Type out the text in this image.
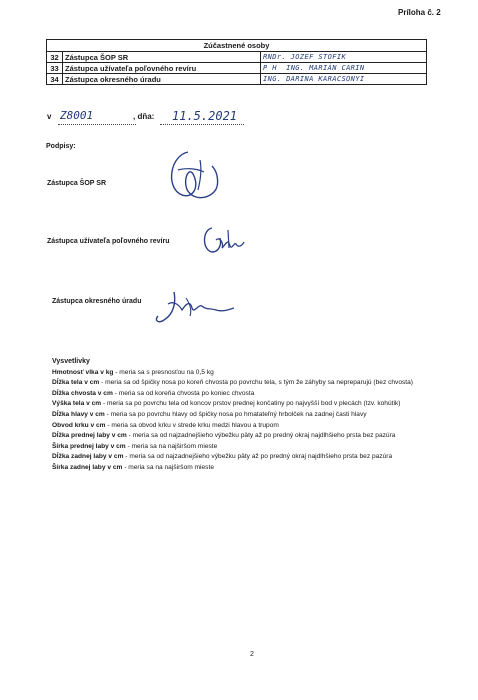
Príloha č. 2
Zúčastnené osoby		
32	Zástupca ŠOP SR	RNDr. JOZEF STOFIK
33	Zástupca užívateľa poľovného revíru	P H ING. MARIÁN CARIN
34	Zástupca okresného úradu	ING. DARINA KARACSONYI
v Z8001	, dňa: 11.5.2021
Podpisy:
Zástupca ŠOP SR
Zástupca užívateľa poľovného revíru
Zástupca okresného úradu

Vysvetlivky

Hmotnosť vlka v kg - meria sa s presnosťou na 0,5 kg

Dĺžka tela v cm - meria sa od špičky nosa po koreň chvosta po povrchu tela, s tým že záhyby sa nepreparujú (bez chvosta)

Dĺžka chvosta v cm - meria sa od koreňa chvosta po koniec chvosta

Výška tela v cm - meria sa po povrchu tela od koncov prstov prednej končatiny po najvyšší bod v plecách (tzv. kohútik)

Dĺžka hlavy v cm - meria sa po povrchu hlavy od špičky nosa po hmatateľný hrbolček na zadnej časti hlavy

Obvod krku v cm - meria sa obvod krku v strede krku medzi hlavou a trupom

Dĺžka prednej laby v cm - meria sa od najzadnejšieho výbežku päty až po predný okraj najdlhšieho prsta bez pazúra

Šírka prednej laby v cm - meria sa na najširšom mieste

Dĺžka zadnej laby v cm - meria sa od najzadnejšieho výbežku päty až po predný okraj najdlhšieho prsta bez pazúra

Šírka zadnej laby v cm - meria sa na najširšom mieste

2
